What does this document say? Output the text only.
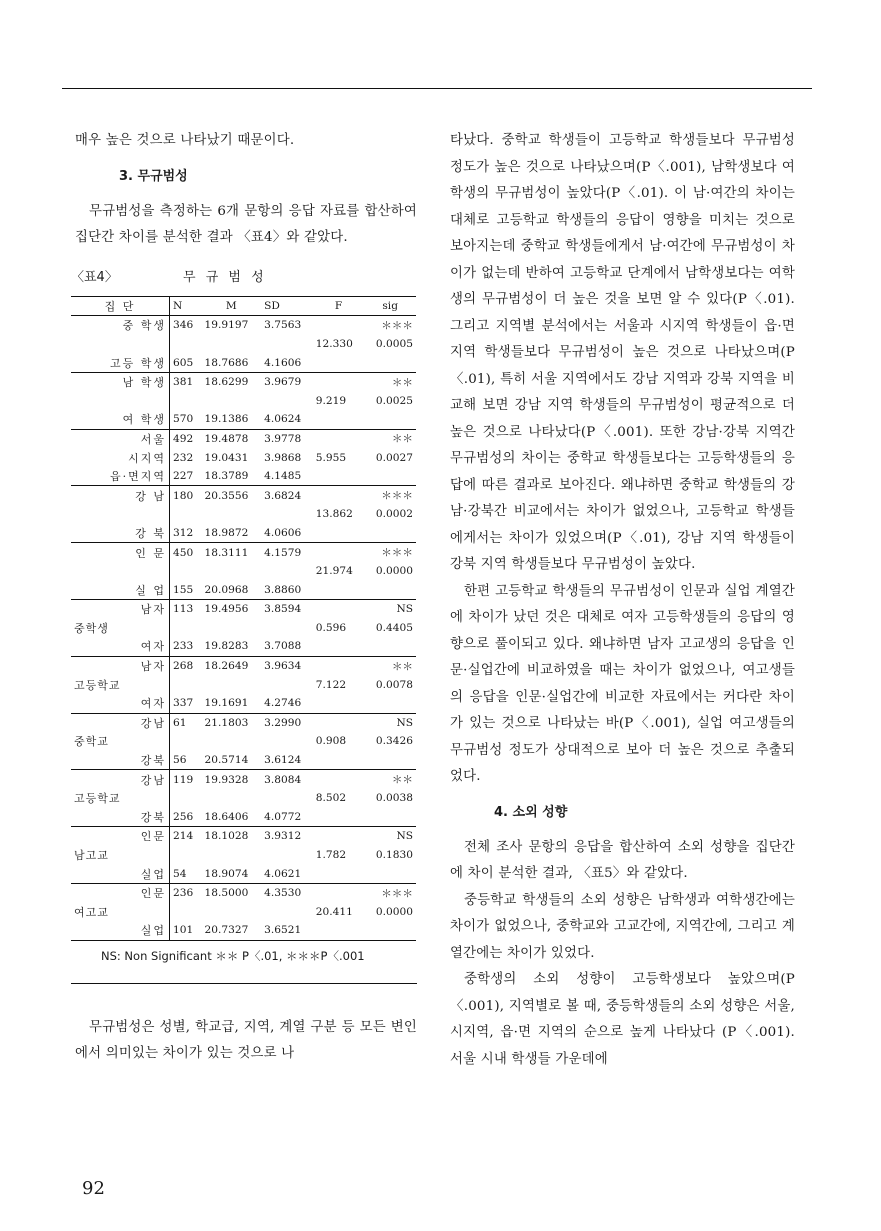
매우 높은 것으로 나타났기 때문이다.

3. 무규범성

무규범성을 측정하는 6개 문항의 응답 자료를 합산하여 집단간 차이를 분석한 결과 〈표4〉와 같았다.

〈표4〉	무 규 범 성
집 단	N	M	SD	F	sig
중 학생	346	19.9197	3.7563		＊＊＊
				12.330	0.0005
고등 학생	605	18.7686	4.1606		
남 학생	381	18.6299	3.9679		＊＊
				9.219	0.0025
여 학생	570	19.1386	4.0624		
서울	492	19.4878	3.9778		＊＊
시지역	232	19.0431	3.9868	5.955	0.0027
읍·면지역	227	18.3789	4.1485		
강 남	180	20.3556	3.6824		＊＊＊
				13.862	0.0002
강 북	312	18.9872	4.0606		
인 문	450	18.3111	4.1579		＊＊＊
				21.974	0.0000
실 업	155	20.0968	3.8860		
남자	113	19.4956	3.8594		NS
중학생				0.596	0.4405
여자	233	19.8283	3.7088		
남자	268	18.2649	3.9634		＊＊
고등학교				7.122	0.0078
여자	337	19.1691	4.2746		
강남	61	21.1803	3.2990		NS
중학교				0.908	0.3426
강북	56	20.5714	3.6124		
강남	119	19.9328	3.8084		＊＊
고등학교				8.502	0.0038
강북	256	18.6406	4.0772		
인문	214	18.1028	3.9312		NS
남고교				1.782	0.1830
실업	54	18.9074	4.0621		
인문	236	18.5000	4.3530		＊＊＊
여고교				20.411	0.0000
실업	101	20.7327	3.6521		
NS: Non Significant ＊＊ P〈.01, ＊＊＊P〈.001

무규범성은 성별, 학교급, 지역, 계열 구분 등 모든 변인에서 의미있는 차이가 있는 것으로 나

타났다. 중학교 학생들이 고등학교 학생들보다 무규범성 정도가 높은 것으로 나타났으며(P〈.001), 남학생보다 여학생의 무규범성이 높았다(P〈.01). 이 남·여간의 차이는 대체로 고등학교 학생들의 응답이 영향을 미치는 것으로 보아지는데 중학교 학생들에게서 남·여간에 무규범성이 차이가 없는데 반하여 고등학교 단계에서 남학생보다는 여학생의 무규범성이 더 높은 것을 보면 알 수 있다(P〈.01). 그리고 지역별 분석에서는 서울과 시지역 학생들이 읍·면 지역 학생들보다 무규범성이 높은 것으로 나타났으며(P〈.01), 특히 서울 지역에서도 강남 지역과 강북 지역을 비교해 보면 강남 지역 학생들의 무규범성이 평균적으로 더 높은 것으로 나타났다(P〈.001). 또한 강남·강북 지역간 무규범성의 차이는 중학교 학생들보다는 고등학생들의 응답에 따른 결과로 보아진다. 왜냐하면 중학교 학생들의 강남·강북간 비교에서는 차이가 없었으나, 고등학교 학생들에게서는 차이가 있었으며(P〈.01), 강남 지역 학생들이 강북 지역 학생들보다 무규범성이 높았다.

한편 고등학교 학생들의 무규범성이 인문과 실업 계열간에 차이가 났던 것은 대체로 여자 고등학생들의 응답의 영향으로 풀이되고 있다. 왜냐하면 남자 고교생의 응답을 인문·실업간에 비교하였을 때는 차이가 없었으나, 여고생들의 응답을 인문·실업간에 비교한 자료에서는 커다란 차이가 있는 것으로 나타났는 바(P〈.001), 실업 여고생들의 무규범성 정도가 상대적으로 보아 더 높은 것으로 추출되었다.

4. 소외 성향

전체 조사 문항의 응답을 합산하여 소외 성향을 집단간에 차이 분석한 결과, 〈표5〉와 같았다.

중등학교 학생들의 소외 성향은 남학생과 여학생간에는 차이가 없었으나, 중학교와 고교간에, 지역간에, 그리고 계열간에는 차이가 있었다.

중학생의 소외 성향이 고등학생보다 높았으며(P〈.001), 지역별로 볼 때, 중등학생들의 소외 성향은 서울, 시지역, 읍·면 지역의 순으로 높게 나타났다 (P〈.001). 서울 시내 학생들 가운데에

92
